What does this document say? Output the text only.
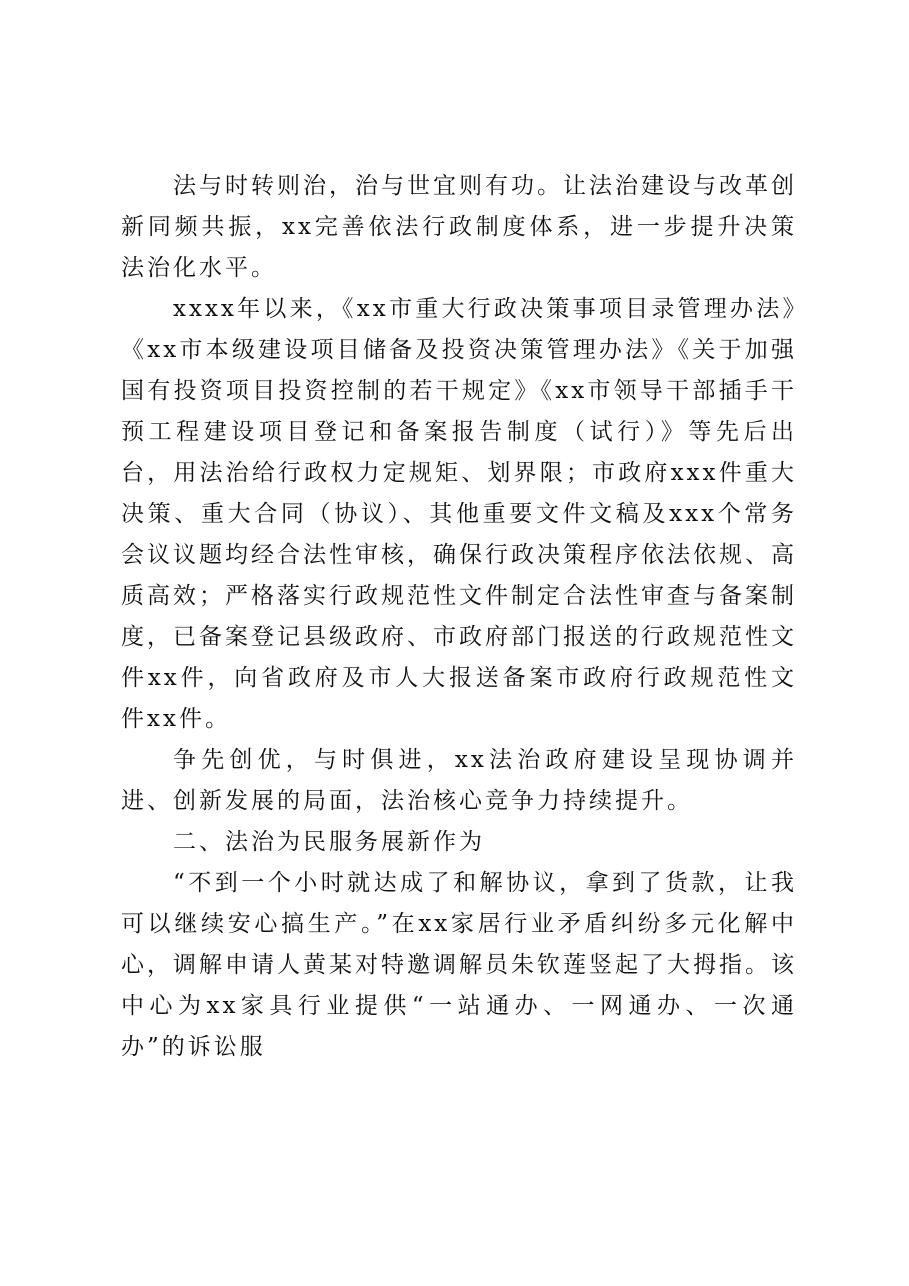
法与时转则治，治与世宜则有功。让法治建设与改革创新同频共振，xx完善依法行政制度体系，进一步提升决策法治化水平。

xxxx年以来，《xx市重大行政决策事项目录管理办法》《xx市本级建设项目储备及投资决策管理办法》《关于加强国有投资项目投资控制的若干规定》《xx市领导干部插手干预工程建设项目登记和备案报告制度（试行）》等先后出台，用法治给行政权力定规矩、划界限；市政府xxx件重大决策、重大合同（协议）、其他重要文件文稿及xxx个常务会议议题均经合法性审核，确保行政决策程序依法依规、高质高效；严格落实行政规范性文件制定合法性审查与备案制度，已备案登记县级政府、市政府部门报送的行政规范性文件xx件，向省政府及市人大报送备案市政府行政规范性文件xx件。

争先创优，与时俱进，xx法治政府建设呈现协调并进、创新发展的局面，法治核心竞争力持续提升。

二、法治为民服务展新作为

“不到一个小时就达成了和解协议，拿到了货款，让我可以继续安心搞生产。”在xx家居行业矛盾纠纷多元化解中心，调解申请人黄某对特邀调解员朱钦莲竖起了大拇指。该中心为xx家具行业提供“一站通办、一网通办、一次通办”的诉讼服
